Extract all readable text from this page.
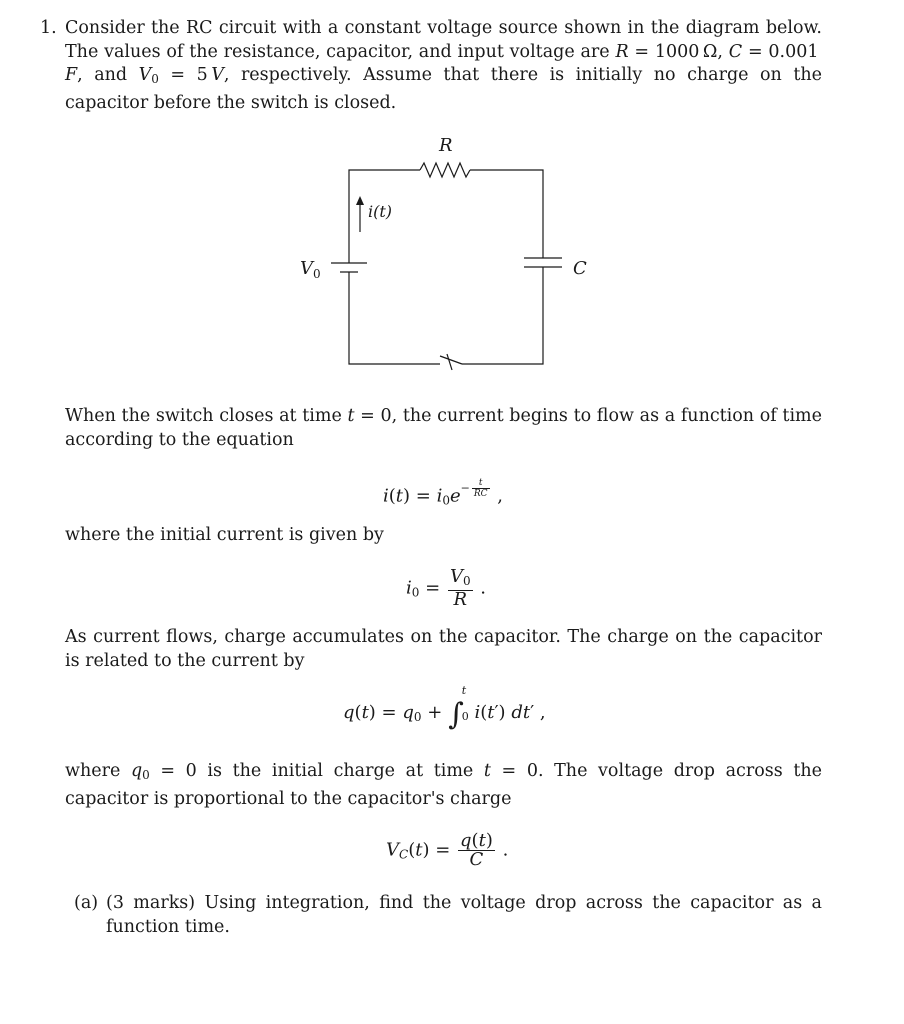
1. Consider the RC circuit with a constant voltage source shown in the diagram below. The values of the resistance, capacitor, and input voltage are R = 1000 Ω, C = 0.001 F, and $V_0 = 5$ V, respectively. Assume that there is initially no charge on the capacitor before the switch is closed.

R
C
$V_0$
i(t)

When the switch closes at time t = 0, the current begins to flow as a function of time according to the equation

$i(t) = i_0e- \frac{t}{RC}$ ,

where the initial current is given by

$i_0 = \frac{V_0}{R}$ .

As current flows, charge accumulates on the capacitor. The charge on the capacitor is related to the current by

$q(t) = q_0$ + ∫
t
0 i(t′) dt′ ,

where $q_0 = 0$ is the initial charge at time t = 0. The voltage drop across the capacitor is proportional to the capacitor's charge

$V_C(t) = \frac{q(t)}{C}$ .
(a) (3 marks) Using integration, find the voltage drop across the capacitor as a function time.
